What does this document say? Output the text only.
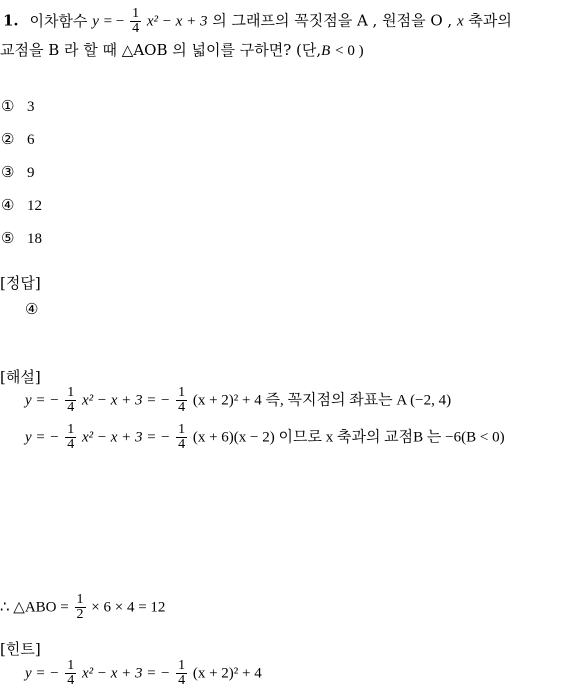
1. 이차함수 y = − $\frac{1}{4} x^2 - x + 3$ 의 그래프의 꼭짓점을 A , 원점을 O , x 축과의
교점을 B 라 할 때 △AOB 의 넓이를 구하면? (단,B < 0 )
① 3
② 6
③ 9
④ 12
⑤ 18
[정답]
④
[해설]
y = − $\frac{1}{4} x^2 - x + 3$ = − $\frac{1}{4} (x + 2)^2 + 4$ 즉, 꼭지점의 좌표는 A (−2, 4)
y = − $\frac{1}{4} x^2 - x + 3$ = − $\frac{1}{4} (x + 6)(x - 2)$ 이므로 x 축과의 교점B 는 −6(B < 0)
∴ △ABO = $\frac{1}{2} \times 6 \times 4 = 12$
[힌트]
y = − $\frac{1}{4} x^2 - x + 3$ = − $\frac{1}{4} (x + 2)^2 + 4$
